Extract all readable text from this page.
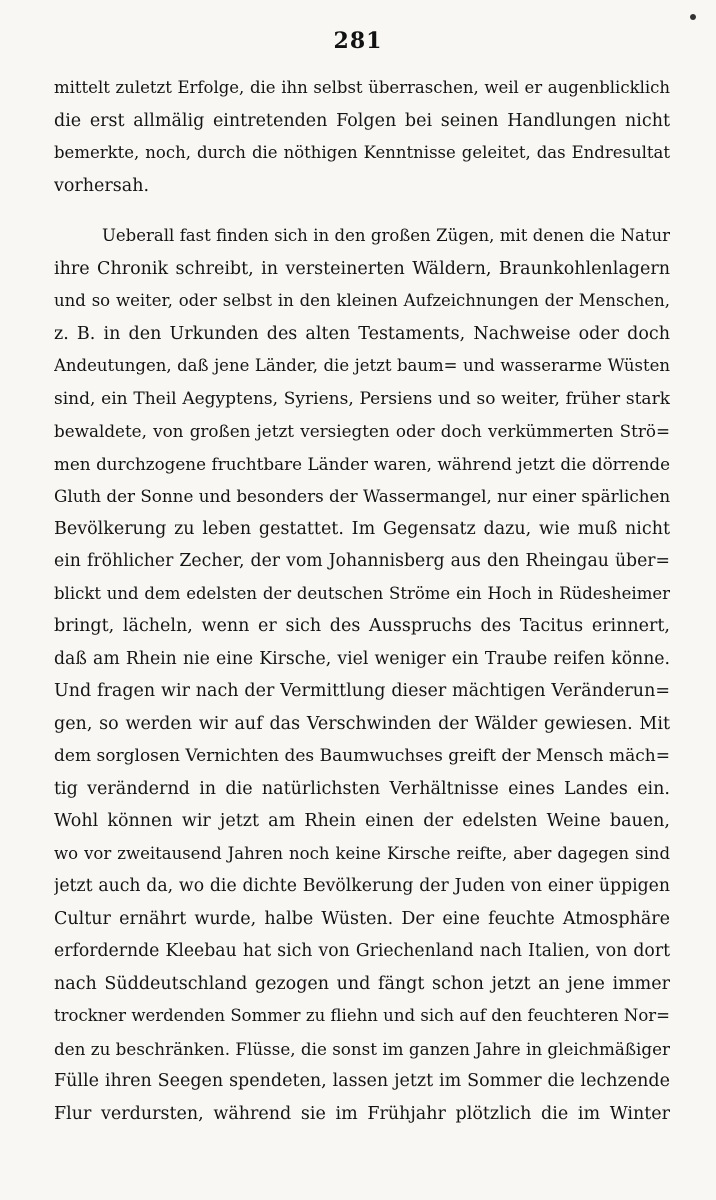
281
mittelt zuletzt Erfolge, die ihn selbst überraschen, weil er augenblicklich
die erst allmälig eintretenden Folgen bei seinen Handlungen nicht
bemerkte, noch, durch die nöthigen Kenntnisse geleitet, das Endresultat
vorhersah.
Ueberall fast finden sich in den großen Zügen, mit denen die Natur
ihre Chronik schreibt, in versteinerten Wäldern, Braunkohlenlagern
und so weiter, oder selbst in den kleinen Aufzeichnungen der Menschen,
z. B. in den Urkunden des alten Testaments, Nachweise oder doch
Andeutungen, daß jene Länder, die jetzt baum= und wasserarme Wüsten
sind, ein Theil Aegyptens, Syriens, Persiens und so weiter, früher stark
bewaldete, von großen jetzt versiegten oder doch verkümmerten Strö=
men durchzogene fruchtbare Länder waren, während jetzt die dörrende
Gluth der Sonne und besonders der Wassermangel, nur einer spärlichen
Bevölkerung zu leben gestattet. Im Gegensatz dazu, wie muß nicht
ein fröhlicher Zecher, der vom Johannisberg aus den Rheingau über=
blickt und dem edelsten der deutschen Ströme ein Hoch in Rüdesheimer
bringt, lächeln, wenn er sich des Ausspruchs des Tacitus erinnert,
daß am Rhein nie eine Kirsche, viel weniger ein Traube reifen könne.
Und fragen wir nach der Vermittlung dieser mächtigen Veränderun=
gen, so werden wir auf das Verschwinden der Wälder gewiesen. Mit
dem sorglosen Vernichten des Baumwuchses greift der Mensch mäch=
tig verändernd in die natürlichsten Verhältnisse eines Landes ein.
Wohl können wir jetzt am Rhein einen der edelsten Weine bauen,
wo vor zweitausend Jahren noch keine Kirsche reifte, aber dagegen sind
jetzt auch da, wo die dichte Bevölkerung der Juden von einer üppigen
Cultur ernährt wurde, halbe Wüsten. Der eine feuchte Atmosphäre
erfordernde Kleebau hat sich von Griechenland nach Italien, von dort
nach Süddeutschland gezogen und fängt schon jetzt an jene immer
trockner werdenden Sommer zu fliehn und sich auf den feuchteren Nor=
den zu beschränken. Flüsse, die sonst im ganzen Jahre in gleichmäßiger
Fülle ihren Seegen spendeten, lassen jetzt im Sommer die lechzende
Flur verdursten, während sie im Frühjahr plötzlich die im Winter
